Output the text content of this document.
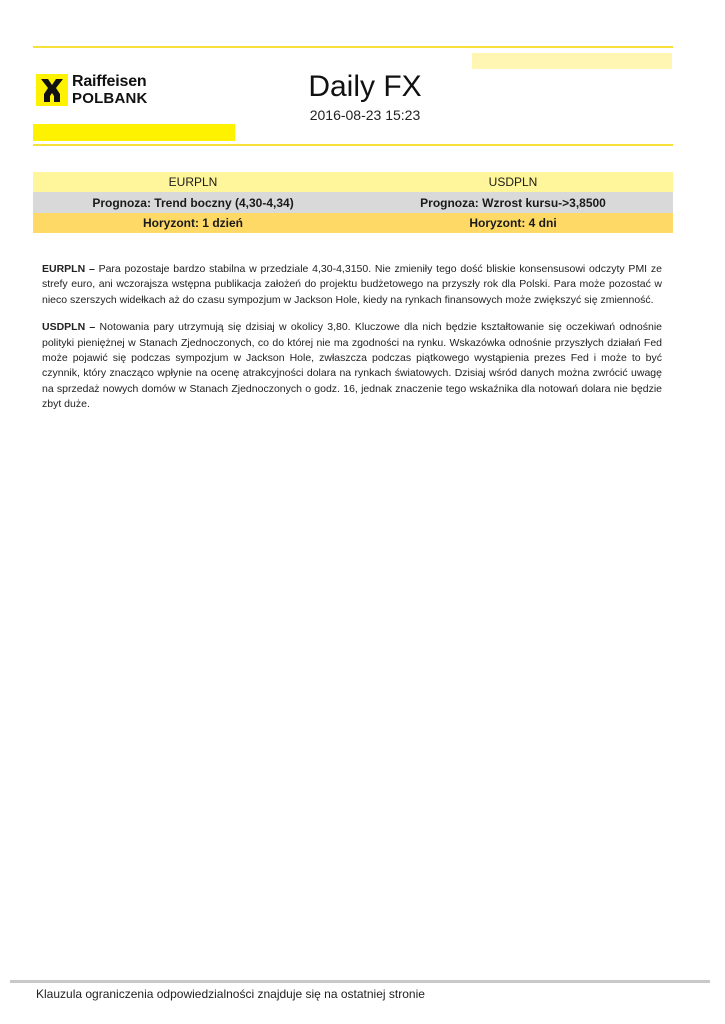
Raiffeisen
POLBANK	Daily FX
2016-08-23 15:23
EURPLN	USDPLN
Prognoza: Trend boczny (4,30-4,34)	Prognoza: Wzrost kursu->3,8500
Horyzont: 1 dzień	Horyzont: 4 dni

EURPLN – Para pozostaje bardzo stabilna w przedziale 4,30-4,3150. Nie zmieniły tego dość bliskie konsensusowi odczyty PMI ze strefy euro, ani wczorajsza wstępna publikacja założeń do projektu budżetowego na przyszły rok dla Polski. Para może pozostać w nieco szerszych widełkach aż do czasu sympozjum w Jackson Hole, kiedy na rynkach finansowych może zwiększyć się zmienność.

USDPLN – Notowania pary utrzymują się dzisiaj w okolicy 3,80. Kluczowe dla nich będzie kształtowanie się oczekiwań odnośnie polityki pieniężnej w Stanach Zjednoczonych, co do której nie ma zgodności na rynku. Wskazówka odnośnie przyszłych działań Fed może pojawić się podczas sympozjum w Jackson Hole, zwłaszcza podczas piątkowego wystąpienia prezes Fed i może to być czynnik, który znacząco wpłynie na ocenę atrakcyjności dolara na rynkach światowych. Dzisiaj wśród danych można zwrócić uwagę na sprzedaż nowych domów w Stanach Zjednoczonych o godz. 16, jednak znaczenie tego wskaźnika dla notowań dolara nie będzie zbyt duże.

Klauzula ograniczenia odpowiedzialności znajduje się na ostatniej stronie
